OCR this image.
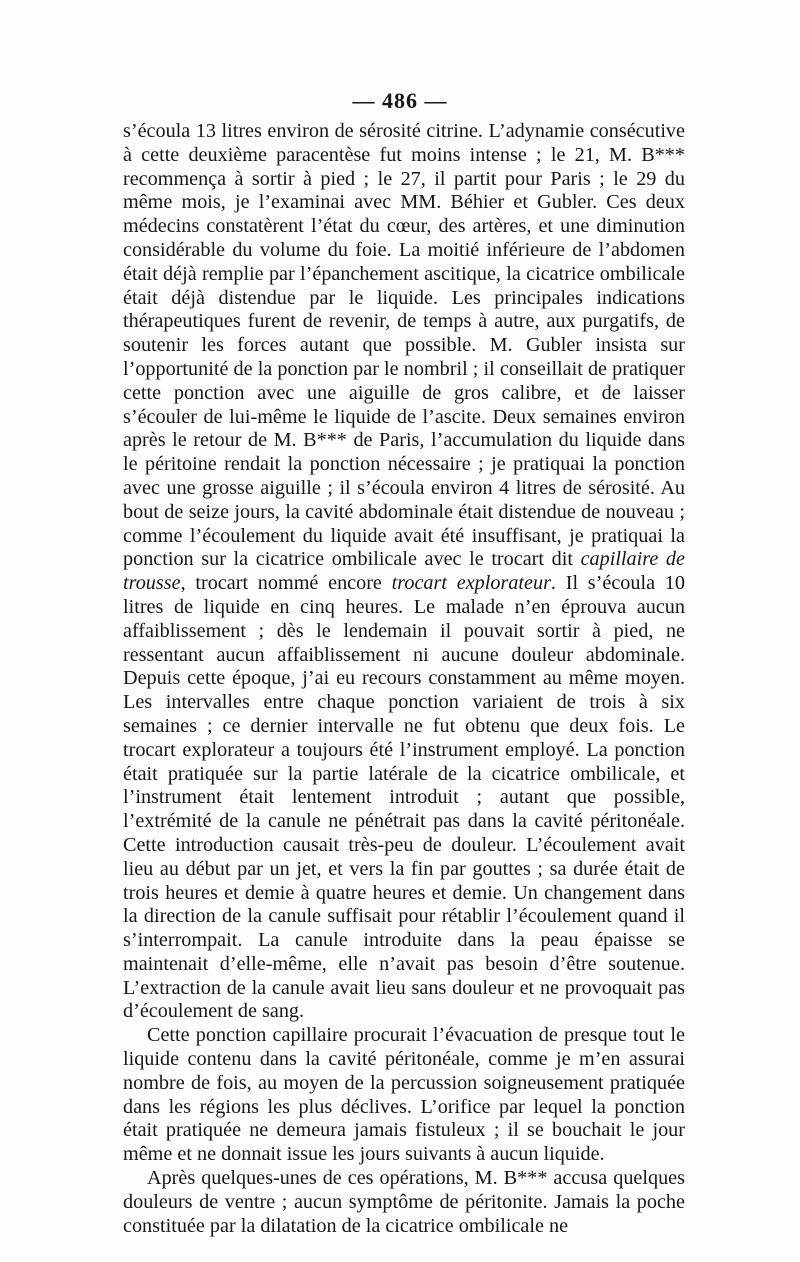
— 486 —

s’écoula 13 litres environ de sérosité citrine. L’adynamie consécutive à cette deuxième paracentèse fut moins intense ; le 21, M. B*** recommença à sortir à pied ; le 27, il partit pour Paris ; le 29 du même mois, je l’examinai avec MM. Béhier et Gubler. Ces deux médecins constatèrent l’état du cœur, des artères, et une diminution considérable du volume du foie. La moitié inférieure de l’abdomen était déjà remplie par l’épanchement ascitique, la cicatrice ombilicale était déjà distendue par le liquide. Les principales indications thérapeutiques furent de revenir, de temps à autre, aux purgatifs, de soutenir les forces autant que possible. M. Gubler insista sur l’opportunité de la ponction par le nombril ; il conseillait de pratiquer cette ponction avec une aiguille de gros calibre, et de laisser s’écouler de lui-même le liquide de l’ascite. Deux semaines environ après le retour de M. B*** de Paris, l’accumulation du liquide dans le péritoine rendait la ponction nécessaire ; je pratiquai la ponction avec une grosse aiguille ; il s’écoula environ 4 litres de sérosité. Au bout de seize jours, la cavité abdominale était distendue de nouveau ; comme l’écoulement du liquide avait été insuffisant, je pratiquai la ponction sur la cicatrice ombilicale avec le trocart dit capillaire de trousse, trocart nommé encore trocart explorateur. Il s’écoula 10 litres de liquide en cinq heures. Le malade n’en éprouva aucun affaiblissement ; dès le lendemain il pouvait sortir à pied, ne ressentant aucun affaiblissement ni aucune douleur abdominale. Depuis cette époque, j’ai eu recours constamment au même moyen. Les intervalles entre chaque ponction variaient de trois à six semaines ; ce dernier intervalle ne fut obtenu que deux fois. Le trocart explorateur a toujours été l’instrument employé. La ponction était pratiquée sur la partie latérale de la cicatrice ombilicale, et l’instrument était lentement introduit ; autant que possible, l’extrémité de la canule ne pénétrait pas dans la cavité péritonéale. Cette introduction causait très-peu de douleur. L’écoulement avait lieu au début par un jet, et vers la fin par gouttes ; sa durée était de trois heures et demie à quatre heures et demie. Un changement dans la direction de la canule suffisait pour rétablir l’écoulement quand il s’interrompait. La canule introduite dans la peau épaisse se maintenait d’elle-même, elle n’avait pas besoin d’être soutenue. L’extraction de la canule avait lieu sans douleur et ne provoquait pas d’écoulement de sang.

Cette ponction capillaire procurait l’évacuation de presque tout le liquide contenu dans la cavité péritonéale, comme je m’en assurai nombre de fois, au moyen de la percussion soigneusement pratiquée dans les régions les plus déclives. L’orifice par lequel la ponction était pratiquée ne demeura jamais fistuleux ; il se bouchait le jour même et ne donnait issue les jours suivants à aucun liquide.

Après quelques-unes de ces opérations, M. B*** accusa quelques douleurs de ventre ; aucun symptôme de péritonite. Jamais la poche constituée par la dilatation de la cicatrice ombilicale ne
